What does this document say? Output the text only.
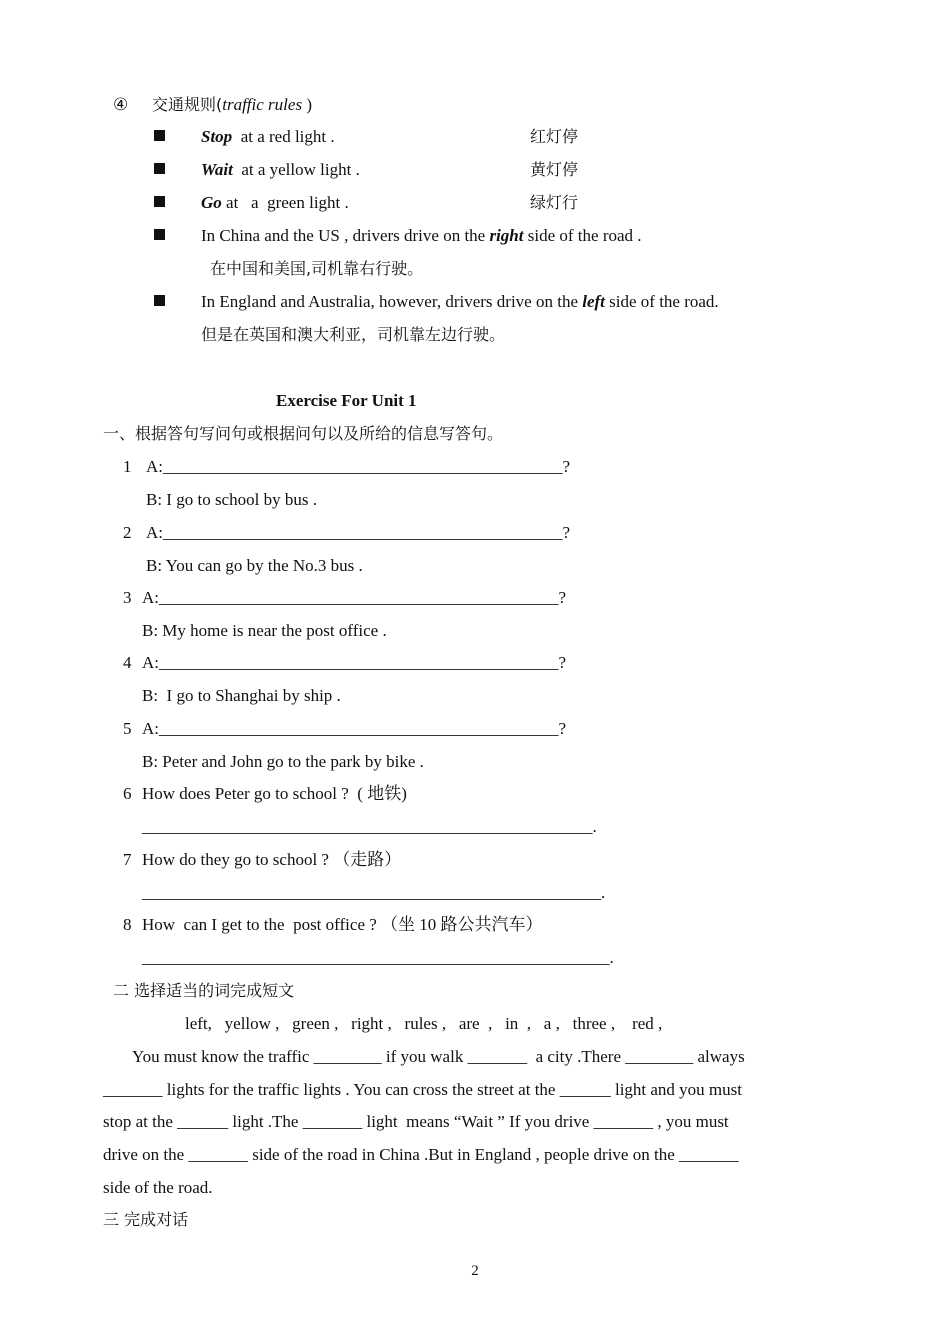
④ 交通规则(traffic rules )
Stop  at a red light .	红灯停
Wait  at a yellow light .	黄灯停
Go at   a  green light .	绿灯行
In China and the US , drivers drive on the right side of the road .
在中国和美国,司机靠右行驶。
In England and Australia, however, drivers drive on the left side of the road.
但是在英国和澳大利亚，司机靠左边行驶。
Exercise For Unit 1
一、根据答句写问句或根据问句以及所给的信息写答句。
1 A:_______________________________________________?
B: I go to school by bus .
2 A:_______________________________________________?
B: You can go by the No.3 bus .
3 A:_______________________________________________?
B: My home is near the post office .
4 A:_______________________________________________?
B:  I go to Shanghai by ship .
5 A:_______________________________________________?
B: Peter and John go to the park by bike .
6 How does Peter go to school ?  ( 地铁)
_____________________________________________________.
7 How do they go to school ? （走路）
______________________________________________________.
8 How  can I get to the  post office ? （坐 10 路公共汽车）
_______________________________________________________.
二 选择适当的词完成短文
left,   yellow ,   green ,   right ,   rules ,   are  ,   in  ,   a ,   three ,    red ,
You must know the traffic ________ if you walk _______  a city .There ________ always
_______ lights for the traffic lights . You can cross the street at the ______ light and you must
stop at the ______ light .The _______ light  means “Wait ” If you drive _______ , you must
drive on the _______ side of the road in China .But in England , people drive on the _______
side of the road.
三 完成对话
2
